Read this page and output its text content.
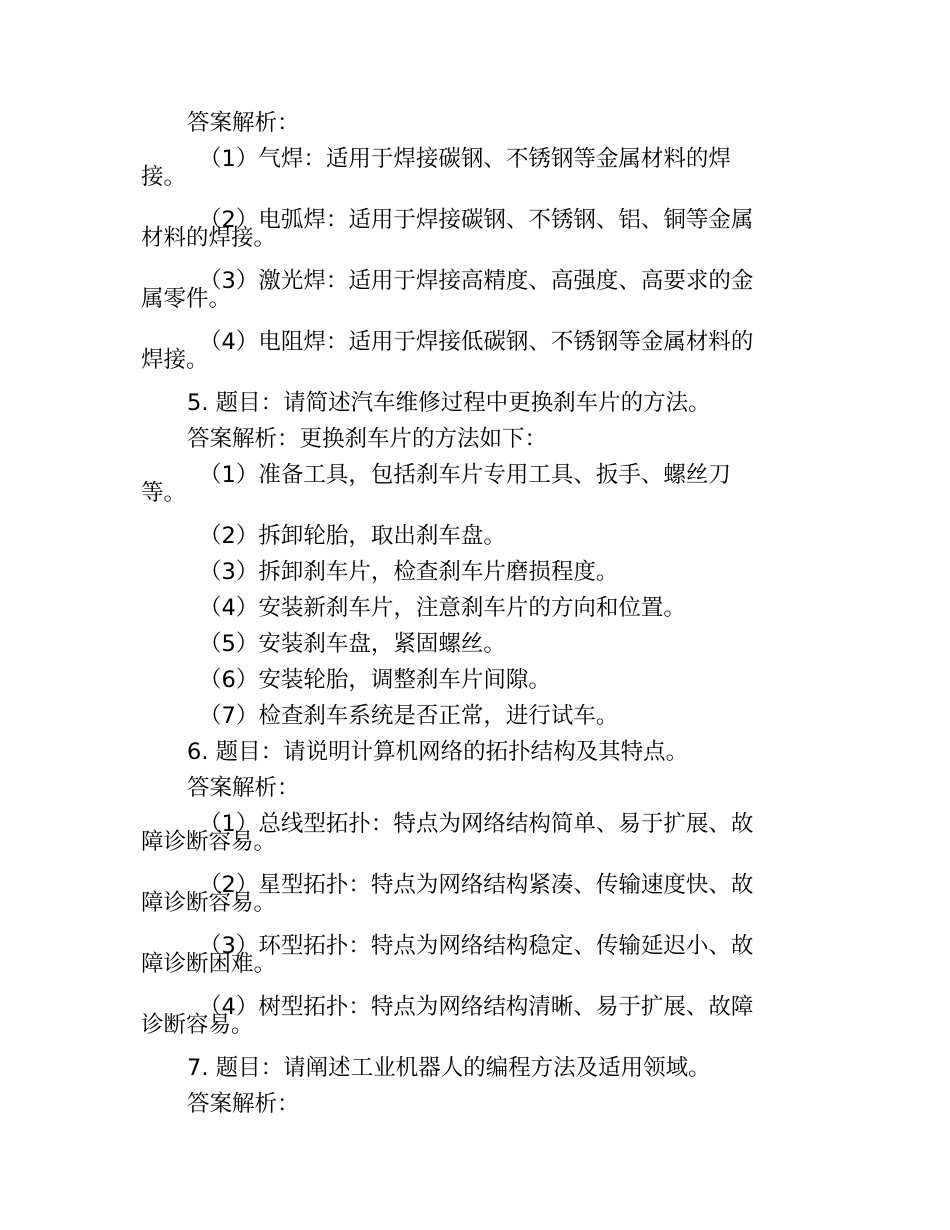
答案解析：

（1）气焊：适用于焊接碳钢、不锈钢等金属材料的焊
接。
（2）电弧焊：适用于焊接碳钢、不锈钢、铝、铜等金属
材料的焊接。
（3）激光焊：适用于焊接高精度、高强度、高要求的金
属零件。
（4）电阻焊：适用于焊接低碳钢、不锈钢等金属材料的
焊接。

5. 题目：请简述汽车维修过程中更换刹车片的方法。

答案解析：更换刹车片的方法如下：

（1）准备工具，包括刹车片专用工具、扳手、螺丝刀
等。

（2）拆卸轮胎，取出刹车盘。

（3）拆卸刹车片，检查刹车片磨损程度。

（4）安装新刹车片，注意刹车片的方向和位置。

（5）安装刹车盘，紧固螺丝。

（6）安装轮胎，调整刹车片间隙。

（7）检查刹车系统是否正常，进行试车。

6. 题目：请说明计算机网络的拓扑结构及其特点。

答案解析：

（1）总线型拓扑：特点为网络结构简单、易于扩展、故
障诊断容易。
（2）星型拓扑：特点为网络结构紧凑、传输速度快、故
障诊断容易。
（3）环型拓扑：特点为网络结构稳定、传输延迟小、故
障诊断困难。
（4）树型拓扑：特点为网络结构清晰、易于扩展、故障
诊断容易。

7. 题目：请阐述工业机器人的编程方法及适用领域。

答案解析：
